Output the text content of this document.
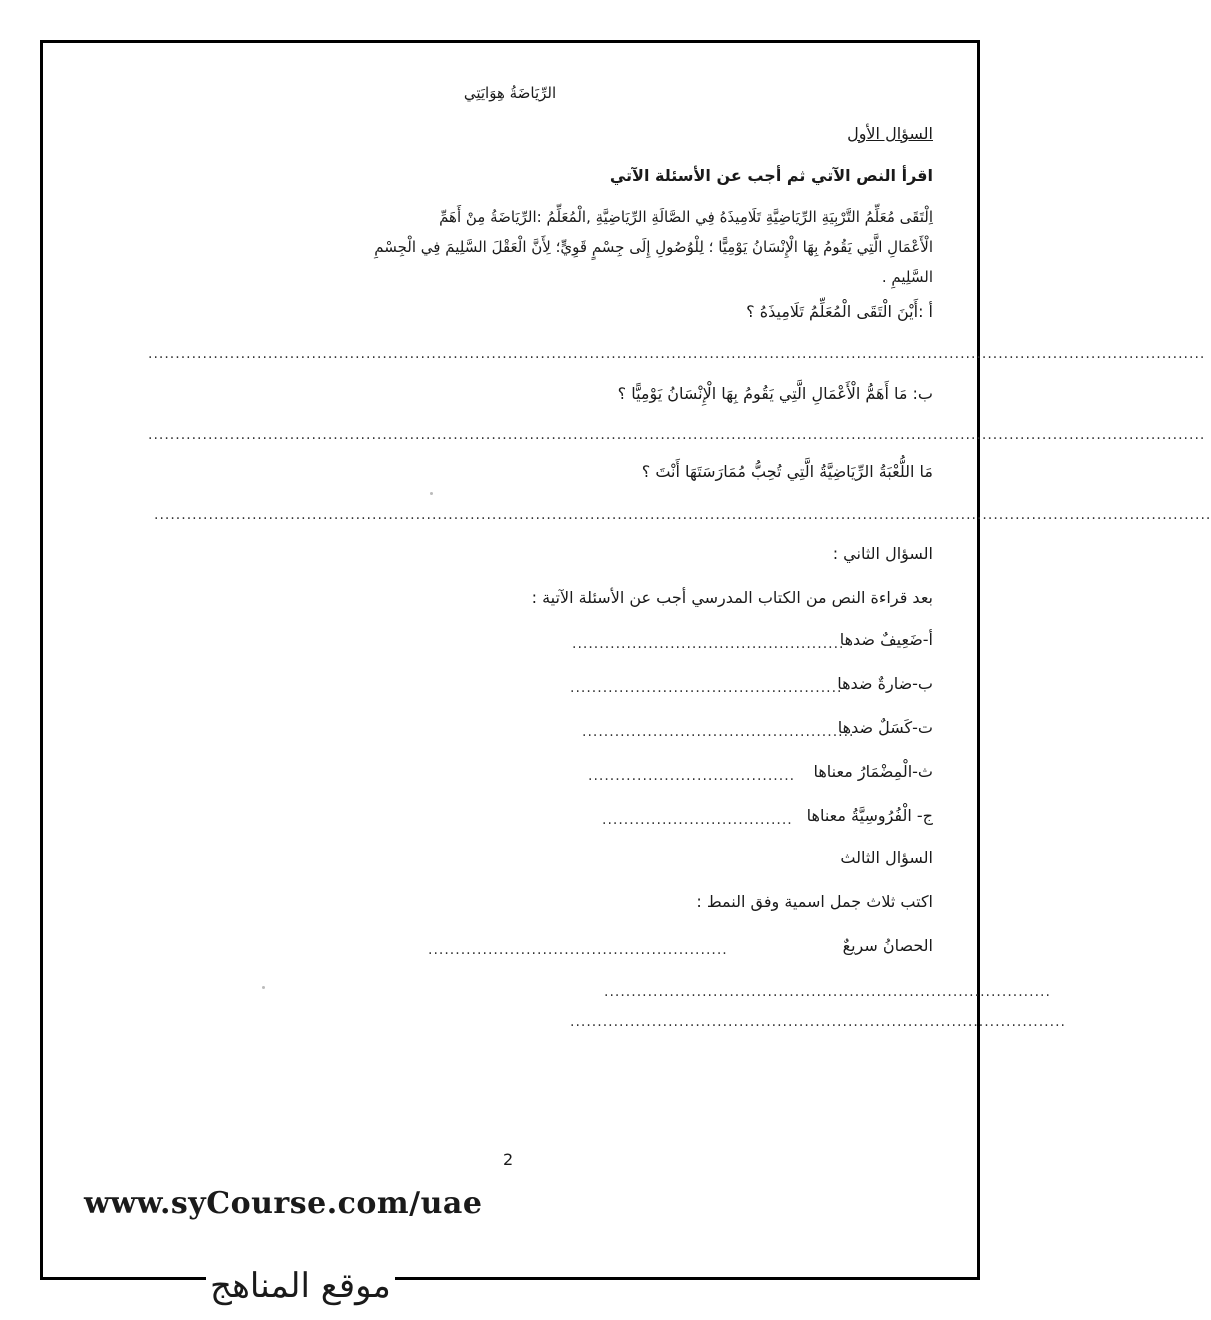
الرِّيَاضَةُ هِوَايَتِي
السؤال الأول
اقرأ النص الآتي ثم أجب عن الأسئلة الآتي
اِلْتَقَى مُعَلِّمُ التَّرْبِيَةِ الرِّيَاضِيَّةِ تَلَامِيذَهُ فِي الصَّالَةِ الرِّيَاضِيَّةِ ,الْمُعَلِّمُ :الرِّيَاضَةُ مِنْ أَهَمِّ
الْأَعْمَالِ الَّتِي يَقُومُ بِهَا الْإِنْسَانُ يَوْمِيًّا ؛ لِلْوُصُولِ إِلَى جِسْمٍ قَوِيٍّ؛ لِأَنَّ الْعَقْلَ السَّلِيمَ فِي الْجِسْمِ
السَّلِيمِ .
أ :أَيْنَ الْتَقَى الْمُعَلِّمُ تَلَامِيذَهُ ؟
..................................................................................................................................................................................................
ب: مَا أَهَمُّ الْأَعْمَالِ الَّتِي يَقُومُ بِهَا الْإِنْسَانُ يَوْمِيًّا ؟
..................................................................................................................................................................................................
مَا اللُّعْبَةُ الرِّيَاضِيَّةُ الَّتِي تُحِبُّ مُمَارَسَتَهَا أَنْتَ ؟
..................................................................................................................................................................................................
السؤال الثاني :
بعد قراءة النص من الكتاب المدرسي أجب عن الأسئلة الآتية :
أ-ضَعِيفٌ ضدها
..................................................
ب-ضارةٌ ضدها
..................................................
ت-كَسَلٌ ضدها
..................................................
ث-الْمِضْمَارُ معناها
......................................
ج- الْفُرُوسِيَّةُ معناها
...................................
السؤال الثالث
اكتب ثلاث جمل اسمية وفق النمط :
الحصانُ سريعٌ
.......................................................
..................................................................................
...........................................................................................
2
www.syCourse.com/uae
موقع المناهج
